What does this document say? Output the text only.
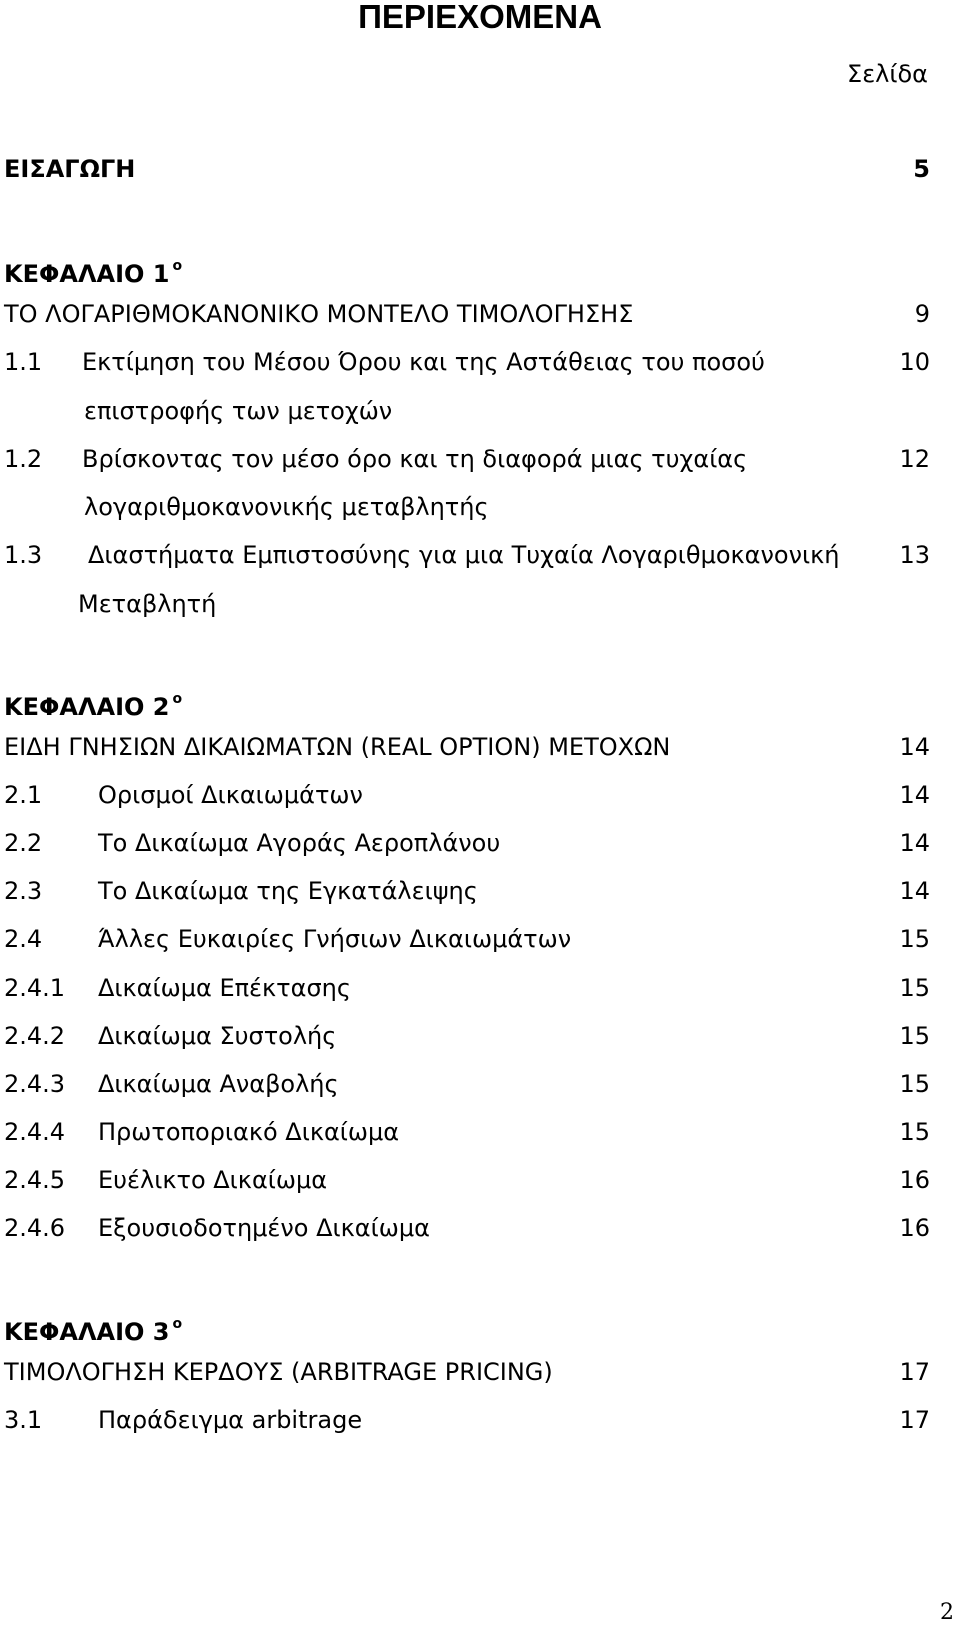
ΠΕΡΙΕΧΟΜΕΝΑ
Σελίδα
ΕΙΣΑΓΩΓΗ	5
ΚΕΦΑΛΑΙΟ 1 $^o$
ΤΟ ΛΟΓΑΡΙΘΜΟΚΑΝΟΝΙΚΟ ΜΟΝΤΕΛΟ ΤΙΜΟΛΟΓΗΣΗΣ	9
1.1 Εκτίμηση του Μέσου Όρου και της Αστάθειας του ποσού	10
επιστροφής των μετοχών
1.2 Βρίσκοντας τον μέσο όρο και τη διαφορά μιας τυχαίας	12
λογαριθμοκανονικής μεταβλητής
1.3 Διαστήματα Εμπιστοσύνης για μια Τυχαία Λογαριθμοκανονική 13
Μεταβλητή
ΚΕΦΑΛΑΙΟ 2 $^o$
ΕΙΔΗ ΓΝΗΣΙΩΝ ΔΙΚΑΙΩΜΑΤΩΝ (REAL OPTION) ΜΕΤΟΧΩΝ	14
2.1 Ορισμοί Δικαιωμάτων	14
2.2 Το Δικαίωμα Αγοράς Αεροπλάνου	14
2.3 Το Δικαίωμα της Εγκατάλειψης	14
2.4 Άλλες Ευκαιρίες Γνήσιων Δικαιωμάτων	15
2.4.1 Δικαίωμα Επέκτασης	15
2.4.2 Δικαίωμα Συστολής	15
2.4.3 Δικαίωμα Αναβολής	15
2.4.4 Πρωτοποριακό Δικαίωμα	15
2.4.5 Ευέλικτο Δικαίωμα	16
2.4.6 Εξουσιοδοτημένο Δικαίωμα	16
ΚΕΦΑΛΑΙΟ 3 $^o$
ΤΙΜΟΛΟΓΗΣΗ ΚΕΡΔΟΥΣ (ARBITRAGE PRICING)	17
3.1 Παράδειγμα arbitrage	17
2
